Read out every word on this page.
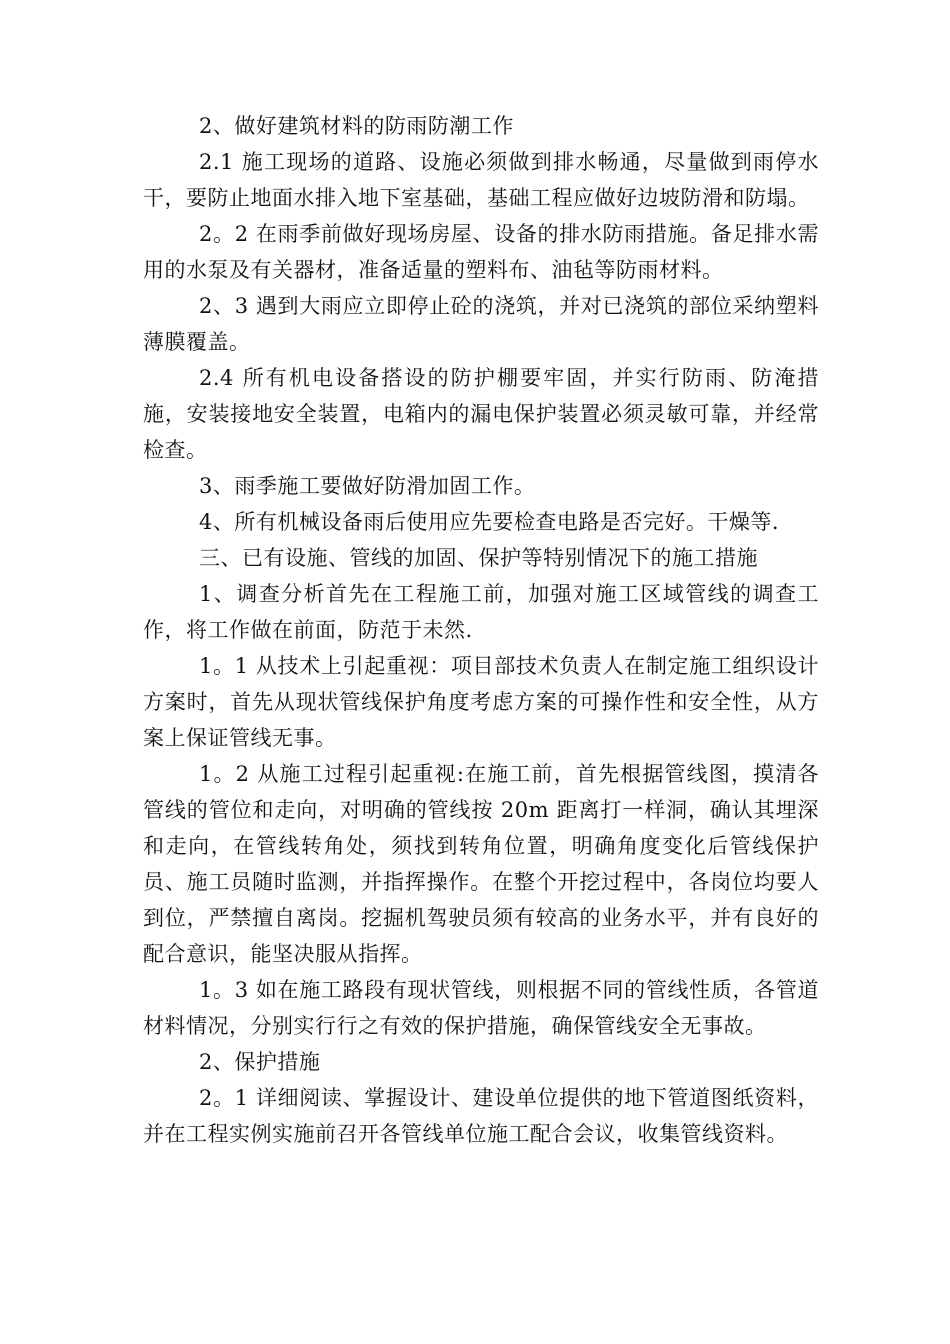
2、做好建筑材料的防雨防潮工作

2.1 施工现场的道路、设施必须做到排水畅通，尽量做到雨停水干，要防止地面水排入地下室基础，基础工程应做好边坡防滑和防塌。

2。2 在雨季前做好现场房屋、设备的排水防雨措施。备足排水需用的水泵及有关器材，准备适量的塑料布、油毡等防雨材料。

2、3 遇到大雨应立即停止砼的浇筑，并对已浇筑的部位采纳塑料薄膜覆盖。

2.4 所有机电设备搭设的防护棚要牢固，并实行防雨、防淹措施，安装接地安全装置，电箱内的漏电保护装置必须灵敏可靠，并经常检查。

3、雨季施工要做好防滑加固工作。

4、所有机械设备雨后使用应先要检查电路是否完好。干燥等.

三、已有设施、管线的加固、保护等特别情况下的施工措施

1、调查分析首先在工程施工前，加强对施工区域管线的调查工作，将工作做在前面，防范于未然.

1。1 从技术上引起重视：项目部技术负责人在制定施工组织设计方案时，首先从现状管线保护角度考虑方案的可操作性和安全性，从方案上保证管线无事。

1。2 从施工过程引起重视:在施工前，首先根据管线图，摸清各管线的管位和走向，对明确的管线按 20m 距离打一样洞，确认其埋深和走向，在管线转角处，须找到转角位置，明确角度变化后管线保护员、施工员随时监测，并指挥操作。在整个开挖过程中，各岗位均要人到位，严禁擅自离岗。挖掘机驾驶员须有较高的业务水平，并有良好的配合意识，能坚决服从指挥。

1。3 如在施工路段有现状管线，则根据不同的管线性质，各管道材料情况，分别实行行之有效的保护措施，确保管线安全无事故。

2、保护措施

2。1 详细阅读、掌握设计、建设单位提供的地下管道图纸资料，并在工程实例实施前召开各管线单位施工配合会议，收集管线资料。
